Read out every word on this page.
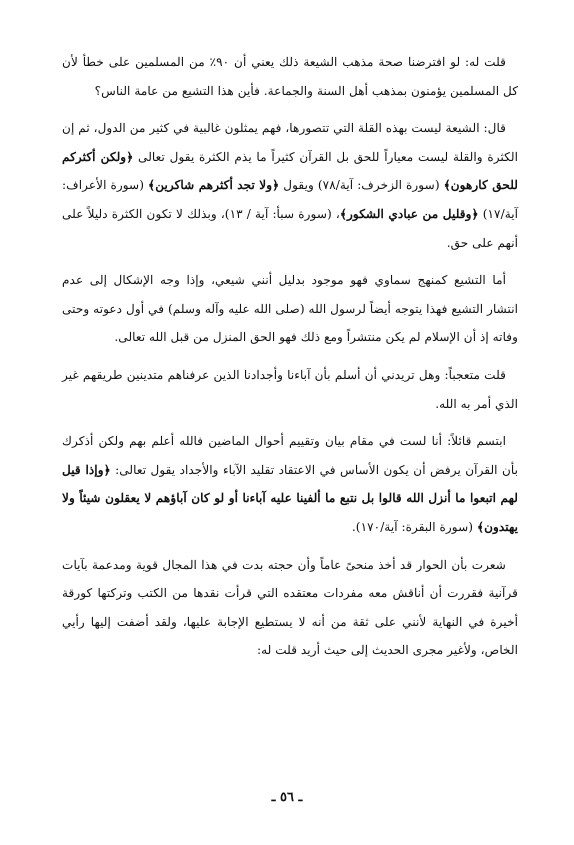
قلت له: لو افترضنا صحة مذهب الشيعة ذلك يعني أن ٩٠٪ من المسلمين على خطأ لأن كل المسلمين يؤمنون بمذهب أهل السنة والجماعة. فأين هذا التشيع من عامة الناس؟

قال: الشيعة ليست بهذه القلة التي تتصورها، فهم يمثلون غالبية في كثير من الدول، ثم إن الكثرة والقلة ليست معياراً للحق بل القرآن كثيراً ما يذم الكثرة يقول تعالى ﴿ولكن أكثركم للحق كارهون﴾ (سورة الزخرف: آية/٧٨) ويقول ﴿ولا تجد أكثرهم شاكرين﴾ (سورة الأعراف: آية/١٧) ﴿وقليل من عبادي الشكور﴾، (سورة سبأ: آية / ١٣)، وبذلك لا تكون الكثرة دليلاً على أنهم على حق.

أما التشيع كمنهج سماوي فهو موجود بدليل أنني شيعي، وإذا وجه الإشكال إلى عدم انتشار التشيع فهذا يتوجه أيضاً لرسول الله (صلى الله عليه وآله وسلم) في أول دعوته وحتى وفاته إذ أن الإسلام لم يكن منتشراً ومع ذلك فهو الحق المنزل من قبل الله تعالى.

قلت متعجباً: وهل تريدني أن أسلم بأن آباءنا وأجدادنا الذين عرفناهم متدينين طريقهم غير الذي أمر به الله.

ابتسم قائلاً: أنا لست في مقام بيان وتقييم أحوال الماضين فالله أعلم بهم ولكن أذكرك بأن القرآن يرفض أن يكون الأساس في الاعتقاد تقليد الآباء والأجداد يقول تعالى: ﴿وإذا قيل لهم اتبعوا ما أنزل الله قالوا بل نتبع ما ألفينا عليه آباءنا أو لو كان آباؤهم لا يعقلون شيئاً ولا يهتدون﴾ (سورة البقرة: آية/١٧٠).

شعرت بأن الحوار قد أخذ منحىً عاماً وأن حجته بدت في هذا المجال قوية ومدعمة بآيات قرآنية فقررت أن أناقش معه مفردات معتقده التي قرأت نقدها من الكتب وتركتها كورقة أخيرة في النهاية لأنني على ثقة من أنه لا يستطيع الإجابة عليها، ولقد أضفت إليها رأيي الخاص، ولأغير مجرى الحديث إلى حيث أريد قلت له:

ـ ٥٦ ـ
